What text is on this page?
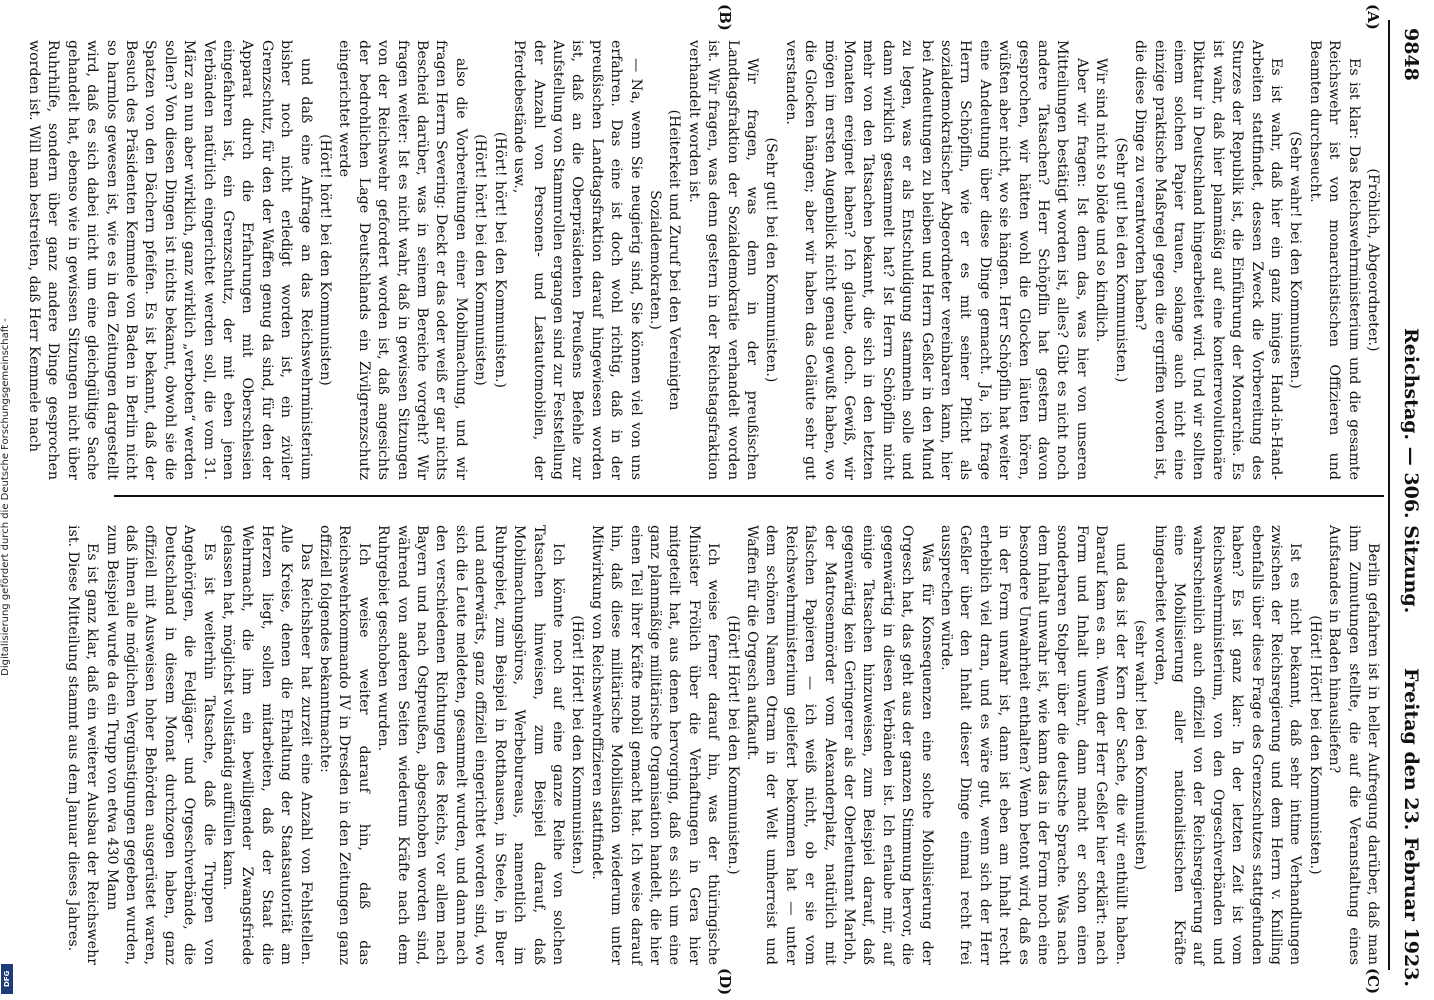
Digitalisierung gefördert durch die Deutsche Forschungsgemeinschaft -
DFG
9848
Reichstag. — 306. Sitzung.
Freitag den 23. Februar 1923.
(A)
(B)
(C)
(D)

(Fröhlich, Abgeordneter.)

Es ist klar: Das Reichswehrministerium und die gesamte Reichswehr ist von monarchistischen Offizieren und Beamten durchseucht.

(Sehr wahr! bei den Kommunisten.)

Es ist wahr, daß hier ein ganz inniges Hand-in-Hand-Arbeiten stattfindet, dessen Zweck die Vorbereitung des Sturzes der Republik ist, die Einführung der Monarchie. Es ist wahr, daß hier planmäßig auf eine konterrevolutionäre Diktatur in Deutschland hingearbeitet wird. Und wir sollten einem solchen Papier trauen, solange auch nicht eine einzige praktische Maßregel gegen die ergriffen worden ist, die diese Dinge zu verantworten haben?

(Sehr gut! bei den Kommunisten.)

Wir sind nicht so blöde und so kindlich.

Aber wir fragen: Ist denn das, was hier von unseren Mitteilungen bestätigt worden ist, alles? Gibt es nicht noch andere Tatsachen? Herr Schöpflin hat gestern davon gesprochen, wir hätten wohl die Glocken läuten hören, wüßten aber nicht, wo sie hängen. Herr Schöpflin hat weiter eine Andeutung über diese Dinge gemacht. Ja, ich frage Herrn Schöpflin, wie er es mit seiner Pflicht als sozialdemokratischer Abgeordneter vereinbaren kann, hier bei Andeutungen zu bleiben und Herrn Geßler in den Mund zu legen, was er als Entschuldigung stammeln solle und dann wirklich gestammelt hat? Ist Herrn Schöpflin nicht mehr von den Tatsachen bekannt, die sich in den letzten Monaten ereignet haben? Ich glaube, doch. Gewiß, wir mögen im ersten Augenblick nicht genau gewußt haben, wo die Glocken hängen; aber wir haben das Geläute sehr gut verstanden.

(Sehr gut! bei den Kommunisten.)

Wir fragen, was denn in der preußischen Landtagsfraktion der Sozialdemokratie verhandelt worden ist. Wir fragen, was denn gestern in der Reichstagsfraktion verhandelt worden ist.

(Heiterkeit und Zuruf bei den Vereinigten Sozialdemokraten.)

— Na, wenn Sie neugierig sind, Sie können viel von uns erfahren. Das eine ist doch wohl richtig, daß in der preußischen Landtagsfraktion darauf hingewiesen worden ist, daß an die Oberpräsidenten Preußens Befehle zur Aufstellung von Stammrollen ergangen sind zur Feststellung der Anzahl von Personen- und Lastautomobilen, der Pferdebestände usw.,

(Hört! hört! bei den Kommunisten.)

(Hört! hört! bei den Kommunisten)

also die Vorbereitungen einer Mobilmachung, und wir fragen Herrn Severing: Deckt er das oder weiß er gar nichts Bescheid darüber, was in seinem Bereiche vorgeht? Wir fragen weiter: Ist es nicht wahr, daß in gewissen Sitzungen von der Reichswehr gefordert worden ist, daß angesichts der bedrohlichen Lage Deutschlands ein Zivilgrenzschutz eingerichtet werde

(Hört! hört! bei den Kommunisten)

und daß eine Anfrage an das Reichswehrministerium bisher noch nicht erledigt worden ist, ein ziviler Grenzschutz, für den der Waffen genug da sind, für den der Apparat durch die Erfahrungen mit Oberschlesien eingefahren ist, ein Grenzschutz, der mit eben jenen Verbänden natürlich eingerichtet werden soll, die vom 31. März an nun aber wirklich, ganz wirklich „verboten“ werden sollen? Von diesen Dingen ist nichts bekannt, obwohl sie die Spatzen von den Dächern pfeifen. Es ist bekannt, daß der Besuch des Präsidenten Kemmele von Baden in Berlin nicht so harmlos gewesen ist, wie es in den Zeitungen dargestellt wird, daß es sich dabei nicht um eine gleichgültige Sache gehandelt hat, ebenso wie in gewissen Sitzungen nicht über Ruhrhilfe, sondern über ganz andere Dinge gesprochen worden ist. Will man bestreiten, daß Herr Kemmele nach

Berlin gefahren ist in heller Aufregung darüber, daß man ihm Zumutungen stellte, die auf die Veranstaltung eines Aufstandes in Baden hinausliefen?

(Hört! Hört! bei den Kommunisten.)

Ist es nicht bekannt, daß sehr intime Verhandlungen zwischen der Reichsregierung und dem Herrn v. Knilling ebenfalls über diese Frage des Grenzschutzes stattgefunden haben? Es ist ganz klar: In der letzten Zeit ist vom Reichswehrministerium, von den Orgeschverbänden und wahrscheinlich auch offiziell von der Reichsregierung auf eine Mobilisierung aller nationalistischen Kräfte hingearbeitet worden,

(sehr wahr! bei den Kommunisten)

und das ist der Kern der Sache, die wir enthüllt haben. Darauf kam es an. Wenn der Herr Geßler hier erklärt: nach Form und Inhalt unwahr, dann macht er schon einen sonderbaren Stolper über die deutsche Sprache. Was nach dem Inhalt unwahr ist, wie kann das in der Form noch eine besondere Unwahrheit enthalten? Wenn betont wird, daß es in der Form unwahr ist, dann ist eben am Inhalt recht erheblich viel dran, und es wäre gut, wenn sich der Herr Geßler über den Inhalt dieser Dinge einmal recht frei aussprechen würde.

Was für Konsequenzen eine solche Mobilisierung der Orgesch hat, das geht aus der ganzen Stimmung hervor, die gegenwärtig in diesen Verbänden ist. Ich erlaube mir, auf einige Tatsachen hinzuweisen, zum Beispiel darauf, daß gegenwärtig kein Geringerer als der Oberleutnant Marloh, der Matrosenmörder vom Alexanderplatz, natürlich mit falschen Papieren — ich weiß nicht, ob er sie vom Reichswehrministerium geliefert bekommen hat — unter dem schönen Namen Otram in der Welt umherreist und Waffen für die Orgesch aufkauft.

(Hört! Hört! bei den Kommunisten.)

Ich weise ferner darauf hin, was der thüringische Minister Frölich über die Verhaftungen in Gera hier mitgeteilt hat, aus denen hervorging, daß es sich um eine ganz planmäßige militärische Organisation handelt, die hier einen Teil ihrer Kräfte mobil gemacht hat. Ich weise darauf hin, daß diese militärische Mobilisation wiederum unter Mitwirkung von Reichswehroffizieren stattfindet.

(Hört! Hört! bei den Kommunisten.)

Ich könnte noch auf eine ganze Reihe von solchen Tatsachen hinweisen, zum Beispiel darauf, daß Mobilmachungsbüros, Werbebureaus, namentlich im Ruhrgebiet, zum Beispiel in Rotthausen, in Steele, in Buer und anderwärts, ganz offiziell eingerichtet worden sind, wo sich die Leute meldeten, gesammelt wurden, und dann nach den verschiedenen Richtungen des Reichs, vor allem nach Bayern und nach Ostpreußen, abgeschoben worden sind, während von anderen Seiten wiederum Kräfte nach dem Ruhrgebiet geschoben wurden.

Ich weise weiter darauf hin, daß das Reichswehrkommando IV in Dresden in den Zeitungen ganz offiziell folgendes bekanntmachte:

Das Reichsheer hat zurzeit eine Anzahl von Fehlstellen. Alle Kreise, denen die Erhaltung der Staatsautorität am Herzen liegt, sollen mitarbeiten, daß der Staat die Wehrmacht, die ihm ein bewilligender Zwangsfriede gelassen hat, möglichst vollständig auffüllen kann.

Es ist weiterhin Tatsache, daß die Truppen von Angehörigen, die Feldjäger- und Orgeschverbände, die Deutschland in diesem Monat durchzogen haben, ganz offiziell mit Ausweisen hoher Behörden ausgerüstet waren, daß ihnen alle möglichen Vergünstigungen gegeben wurden, zum Beispiel wurde da ein Trupp von etwa 430 Mann

Es ist ganz klar, daß ein weiterer Ausbau der Reichswehr ist. Diese Mitteilung stammt aus dem Januar dieses Jahres.
